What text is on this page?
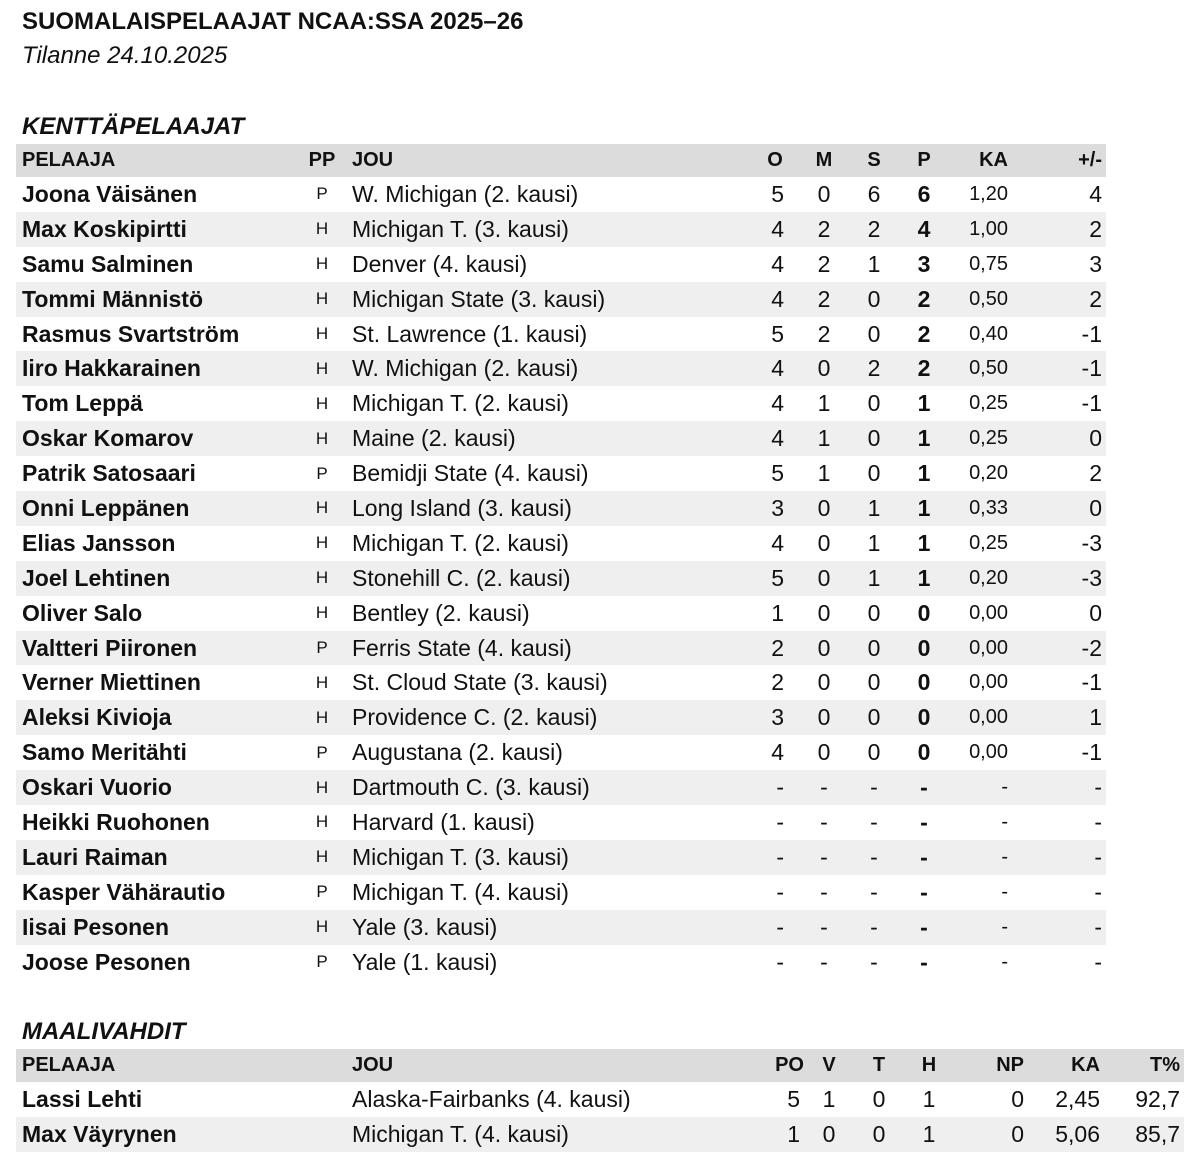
SUOMALAISPELAAJAT NCAA:SSA 2025–26
Tilanne 24.10.2025
KENTTÄPELAAJAT
PELAAJA	PP	JOU	O	M	S	P	KA	+/-
Joona Väisänen	P	W. Michigan (2. kausi)	5	0	6	6	1,20	4
Max Koskipirtti	H	Michigan T. (3. kausi)	4	2	2	4	1,00	2
Samu Salminen	H	Denver (4. kausi)	4	2	1	3	0,75	3
Tommi Männistö	H	Michigan State (3. kausi)	4	2	0	2	0,50	2
Rasmus Svartström	H	St. Lawrence (1. kausi)	5	2	0	2	0,40	-1
Iiro Hakkarainen	H	W. Michigan (2. kausi)	4	0	2	2	0,50	-1
Tom Leppä	H	Michigan T. (2. kausi)	4	1	0	1	0,25	-1
Oskar Komarov	H	Maine (2. kausi)	4	1	0	1	0,25	0
Patrik Satosaari	P	Bemidji State (4. kausi)	5	1	0	1	0,20	2
Onni Leppänen	H	Long Island (3. kausi)	3	0	1	1	0,33	0
Elias Jansson	H	Michigan T. (2. kausi)	4	0	1	1	0,25	-3
Joel Lehtinen	H	Stonehill C. (2. kausi)	5	0	1	1	0,20	-3
Oliver Salo	H	Bentley (2. kausi)	1	0	0	0	0,00	0
Valtteri Piironen	P	Ferris State (4. kausi)	2	0	0	0	0,00	-2
Verner Miettinen	H	St. Cloud State (3. kausi)	2	0	0	0	0,00	-1
Aleksi Kivioja	H	Providence C. (2. kausi)	3	0	0	0	0,00	1
Samo Meritähti	P	Augustana (2. kausi)	4	0	0	0	0,00	-1
Oskari Vuorio	H	Dartmouth C. (3. kausi)	-	-	-	-	-	-
Heikki Ruohonen	H	Harvard (1. kausi)	-	-	-	-	-	-
Lauri Raiman	H	Michigan T. (3. kausi)	-	-	-	-	-	-
Kasper Vähärautio	P	Michigan T. (4. kausi)	-	-	-	-	-	-
Iisai Pesonen	H	Yale (3. kausi)	-	-	-	-	-	-
Joose Pesonen	P	Yale (1. kausi)	-	-	-	-	-	-
MAALIVAHDIT
PELAAJA	JOU	PO	V	T	H	NP	KA	T%
Lassi Lehti	Alaska-Fairbanks (4. kausi)	5	1	0	1	0	2,45	92,7
Max Väyrynen	Michigan T. (4. kausi)	1	0	0	1	0	5,06	85,7
